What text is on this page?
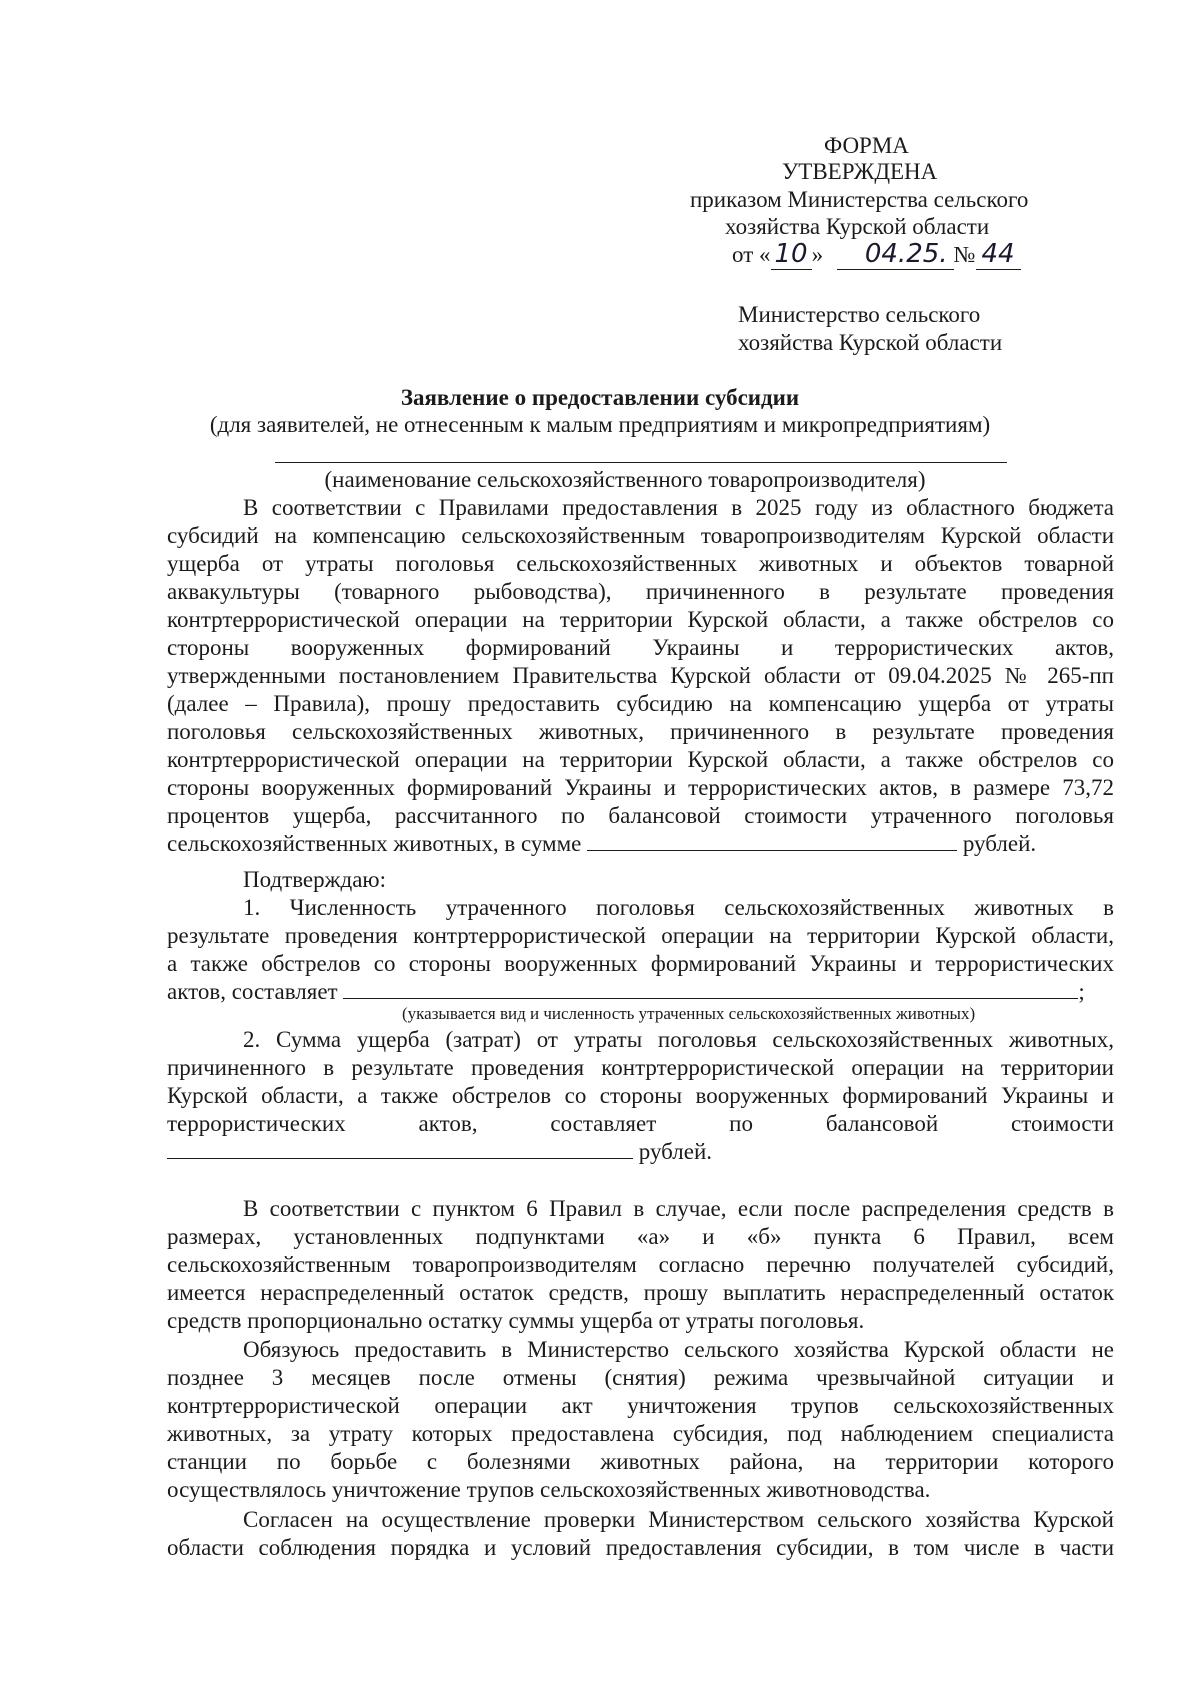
ФОРМА
УТВЕРЖДЕНА
приказом Министерства сельского
хозяйства Курской области
от « 10 » 04.25. № 44
Министерство сельского
хозяйства Курской области
Заявление о предоставлении субсидии
(для заявителей, не отнесенным к малым предприятиям и микропредприятиям)
(наименование сельскохозяйственного товаропроизводителя)
В соответствии с Правилами предоставления в 2025 году из областного бюджета
субсидий на компенсацию сельскохозяйственным товаропроизводителям Курской области
ущерба от утраты поголовья сельскохозяйственных животных и объектов товарной
аквакультуры (товарного рыбоводства), причиненного в результате проведения
контртеррористической операции на территории Курской области, а также обстрелов со
стороны вооруженных формирований Украины и террористических актов,
утвержденными постановлением Правительства Курской области от 09.04.2025 № 265-пп
(далее – Правила), прошу предоставить субсидию на компенсацию ущерба от утраты
поголовья сельскохозяйственных животных, причиненного в результате проведения
контртеррористической операции на территории Курской области, а также обстрелов со
стороны вооруженных формирований Украины и террористических актов, в размере 73,72
процентов ущерба, рассчитанного по балансовой стоимости утраченного поголовья
сельскохозяйственных животных, в сумме	рублей.
Подтверждаю:
1. Численность утраченного поголовья сельскохозяйственных животных в
результате проведения контртеррористической операции на территории Курской области,
а также обстрелов со стороны вооруженных формирований Украины и террористических
актов, составляет	;
(указывается вид и численность утраченных сельскохозяйственных животных)
2. Сумма ущерба (затрат) от утраты поголовья сельскохозяйственных животных,
причиненного в результате проведения контртеррористической операции на территории
Курской области, а также обстрелов со стороны вооруженных формирований Украины и
террористических актов, составляет по балансовой стоимости
рублей.
В соответствии с пунктом 6 Правил в случае, если после распределения средств в
размерах, установленных подпунктами «а» и «б» пункта 6 Правил, всем
сельскохозяйственным товаропроизводителям согласно перечню получателей субсидий,
имеется нераспределенный остаток средств, прошу выплатить нераспределенный остаток
средств пропорционально остатку суммы ущерба от утраты поголовья.
Обязуюсь предоставить в Министерство сельского хозяйства Курской области не
позднее 3 месяцев после отмены (снятия) режима чрезвычайной ситуации и
контртеррористической операции акт уничтожения трупов сельскохозяйственных
животных, за утрату которых предоставлена субсидия, под наблюдением специалиста
станции по борьбе с болезнями животных района, на территории которого
осуществлялось уничтожение трупов сельскохозяйственных животноводства.
Согласен на осуществление проверки Министерством сельского хозяйства Курской
области соблюдения порядка и условий предоставления субсидии, в том числе в части
